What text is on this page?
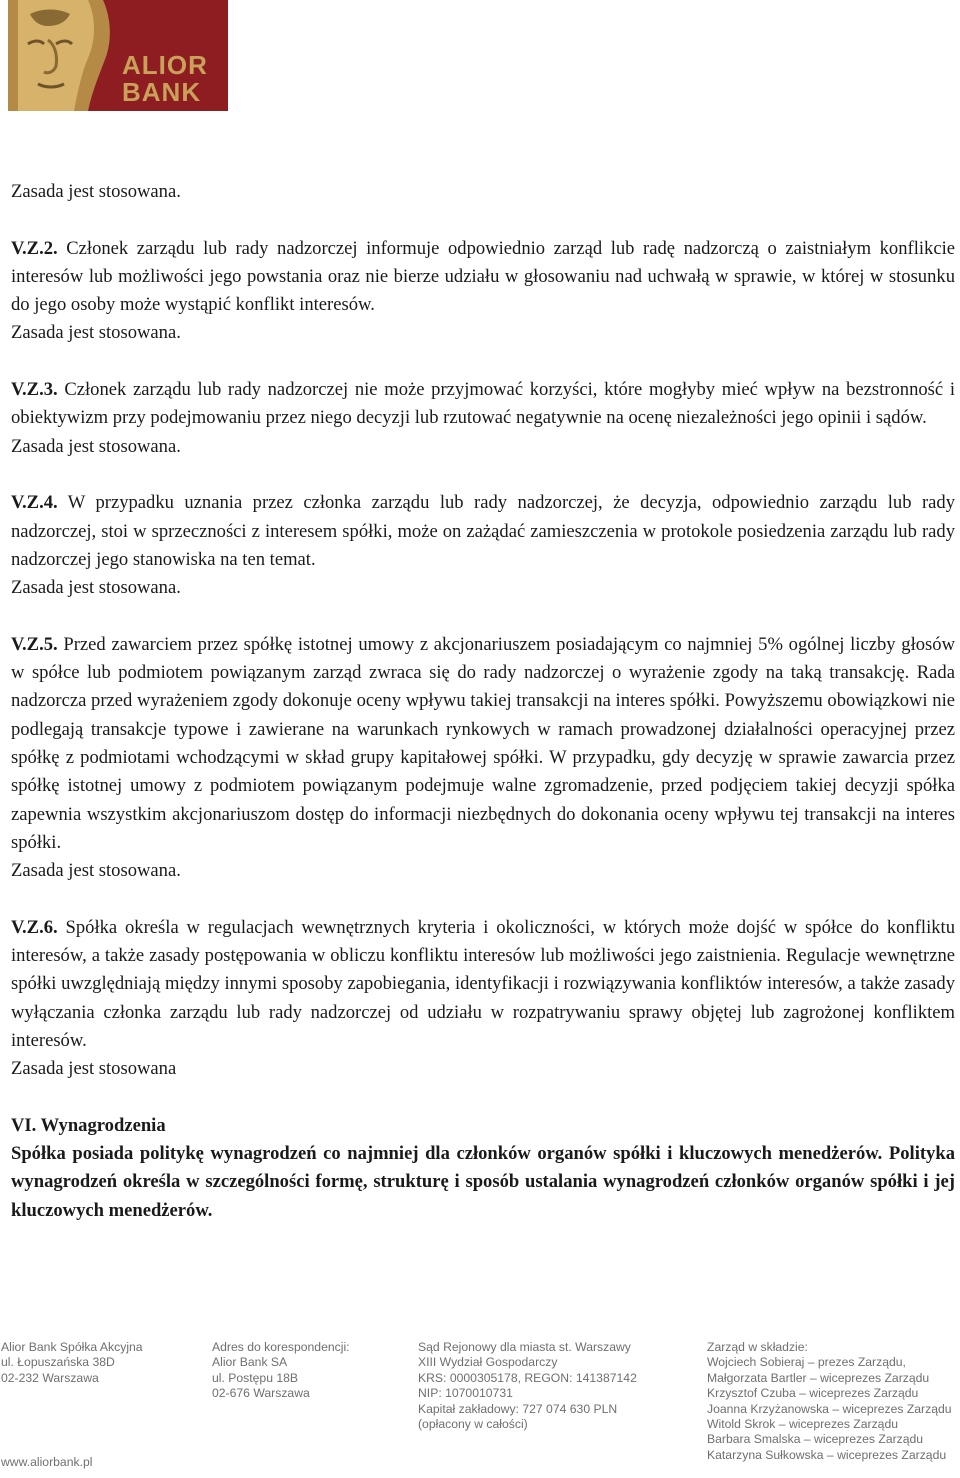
ALIOR
BANK

Zasada jest stosowana.

V.Z.2. Członek zarządu lub rady nadzorczej informuje odpowiednio zarząd lub radę nadzorczą o zaistniałym konflikcie interesów lub możliwości jego powstania oraz nie bierze udziału w głosowaniu nad uchwałą w sprawie, w której w stosunku do jego osoby może wystąpić konflikt interesów.

Zasada jest stosowana.

V.Z.3. Członek zarządu lub rady nadzorczej nie może przyjmować korzyści, które mogłyby mieć wpływ na bezstronność i obiektywizm przy podejmowaniu przez niego decyzji lub rzutować negatywnie na ocenę niezależności jego opinii i sądów.

Zasada jest stosowana.

V.Z.4. W przypadku uznania przez członka zarządu lub rady nadzorczej, że decyzja, odpowiednio zarządu lub rady nadzorczej, stoi w sprzeczności z interesem spółki, może on zażądać zamieszczenia w protokole posiedzenia zarządu lub rady nadzorczej jego stanowiska na ten temat.

Zasada jest stosowana.

V.Z.5. Przed zawarciem przez spółkę istotnej umowy z akcjonariuszem posiadającym co najmniej 5% ogólnej liczby głosów w spółce lub podmiotem powiązanym zarząd zwraca się do rady nadzorczej o wyrażenie zgody na taką transakcję. Rada nadzorcza przed wyrażeniem zgody dokonuje oceny wpływu takiej transakcji na interes spółki. Powyższemu obowiązkowi nie podlegają transakcje typowe i zawierane na warunkach rynkowych w ramach prowadzonej działalności operacyjnej przez spółkę z podmiotami wchodzącymi w skład grupy kapitałowej spółki. W przypadku, gdy decyzję w sprawie zawarcia przez spółkę istotnej umowy z podmiotem powiązanym podejmuje walne zgromadzenie, przed podjęciem takiej decyzji spółka zapewnia wszystkim akcjonariuszom dostęp do informacji niezbędnych do dokonania oceny wpływu tej transakcji na interes spółki.

Zasada jest stosowana.

V.Z.6. Spółka określa w regulacjach wewnętrznych kryteria i okoliczności, w których może dojść w spółce do konfliktu interesów, a także zasady postępowania w obliczu konfliktu interesów lub możliwości jego zaistnienia. Regulacje wewnętrzne spółki uwzględniają między innymi sposoby zapobiegania, identyfikacji i rozwiązywania konfliktów interesów, a także zasady wyłączania członka zarządu lub rady nadzorczej od udziału w rozpatrywaniu sprawy objętej lub zagrożonej konfliktem interesów.

Zasada jest stosowana

VI. Wynagrodzenia

Spółka posiada politykę wynagrodzeń co najmniej dla członków organów spółki i kluczowych menedżerów. Polityka wynagrodzeń określa w szczególności formę, strukturę i sposób ustalania wynagrodzeń członków organów spółki i jej kluczowych menedżerów.

Alior Bank Spółka Akcyjna
ul. Łopuszańska 38D
02-232 Warszawa
Adres do korespondencji:
Alior Bank SA
ul. Postępu 18B
02-676 Warszawa
Sąd Rejonowy dla miasta st. Warszawy
XIII Wydział Gospodarczy
KRS: 0000305178, REGON: 141387142
NIP: 1070010731
Kapitał zakładowy: 727 074 630 PLN
(opłacony w całości)
Zarząd w składzie:
Wojciech Sobieraj – prezes Zarządu,
Małgorzata Bartler – wiceprezes Zarządu
Krzysztof Czuba – wiceprezes Zarządu
Joanna Krzyżanowska – wiceprezes Zarządu
Witold Skrok – wiceprezes Zarządu
Barbara Smalska – wiceprezes Zarządu
Katarzyna Sułkowska – wiceprezes Zarządu
www.aliorbank.pl
